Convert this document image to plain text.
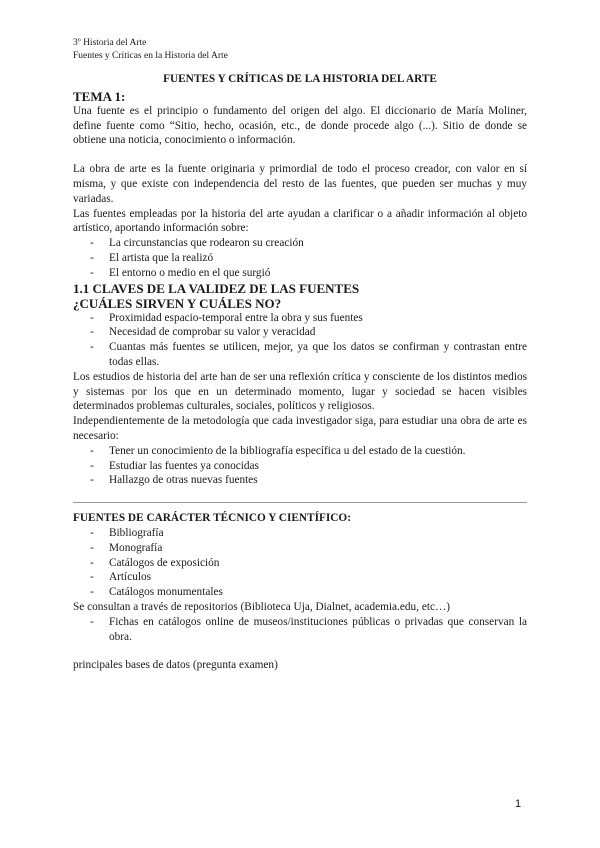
3º Historia del Arte
Fuentes y Críticas en la Historia del Arte

FUENTES Y CRÍTICAS DE LA HISTORIA DEL ARTE

TEMA 1:

Una fuente es el principio o fundamento del origen del algo. El diccionario de María Moliner, define fuente como “Sitio, hecho, ocasión, etc., de donde procede algo (...). Sitio de donde se obtiene una noticia, conocimiento o información.

La obra de arte es la fuente originaria y primordial de todo el proceso creador, con valor en sí misma, y que existe con independencia del resto de las fuentes, que pueden ser muchas y muy variadas.

Las fuentes empleadas por la historia del arte ayudan a clarificar o a añadir información al objeto artístico, aportando información sobre:

- La circunstancias que rodearon su creación
- El artista que la realizó
- El entorno o medio en el que surgió

1.1 CLAVES DE LA VALIDEZ DE LAS FUENTES

¿CUÁLES SIRVEN Y CUÁLES NO?

- Proximidad espacio-temporal entre la obra y sus fuentes
- Necesidad de comprobar su valor y veracidad
- Cuantas más fuentes se utilicen, mejor, ya que los datos se confirman y contrastan entre todas ellas.

Los estudios de historia del arte han de ser una reflexión crítica y consciente de los distintos medios y sistemas por los que en un determinado momento, lugar y sociedad se hacen visibles determinados problemas culturales, sociales, políticos y religiosos.

Independientemente de la metodología que cada investigador siga, para estudiar una obra de arte es necesario:

- Tener un conocimiento de la bibliografía específica u del estado de la cuestión.
- Estudiar las fuentes ya conocidas
- Hallazgo de otras nuevas fuentes

FUENTES DE CARÁCTER TÉCNICO Y CIENTÍFICO:

- Bibliografía
- Monografía
- Catálogos de exposición
- Artículos
- Catálogos monumentales

Se consultan a través de repositorios (Biblioteca Uja, Dialnet, academia.edu, etc…)

- Fichas en catálogos online de museos/instituciones públicas o privadas que conservan la obra.

principales bases de datos (pregunta examen)

1
